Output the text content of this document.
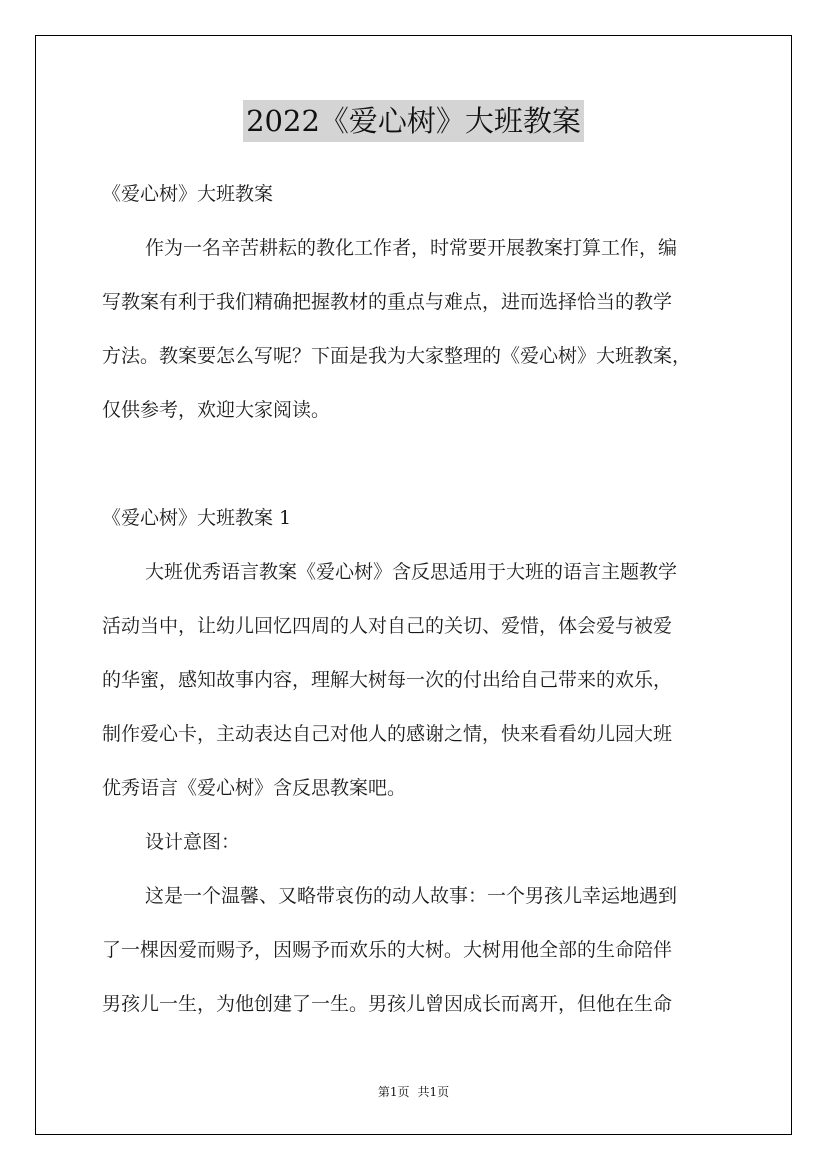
2022《爱心树》大班教案
《爱心树》大班教案
作为一名辛苦耕耘的教化工作者，时常要开展教案打算工作，编
写教案有利于我们精确把握教材的重点与难点，进而选择恰当的教学
方法。教案要怎么写呢？下面是我为大家整理的《爱心树》大班教案，
仅供参考，欢迎大家阅读。
《爱心树》大班教案 1
大班优秀语言教案《爱心树》含反思适用于大班的语言主题教学
活动当中，让幼儿回忆四周的人对自己的关切、爱惜，体会爱与被爱
的华蜜，感知故事内容，理解大树每一次的付出给自己带来的欢乐，
制作爱心卡，主动表达自己对他人的感谢之情，快来看看幼儿园大班
优秀语言《爱心树》含反思教案吧。
设计意图：
这是一个温馨、又略带哀伤的动人故事：一个男孩儿幸运地遇到
了一棵因爱而赐予，因赐予而欢乐的大树。大树用他全部的生命陪伴
男孩儿一生，为他创建了一生。男孩儿曾因成长而离开，但他在生命
第1页 共1页
